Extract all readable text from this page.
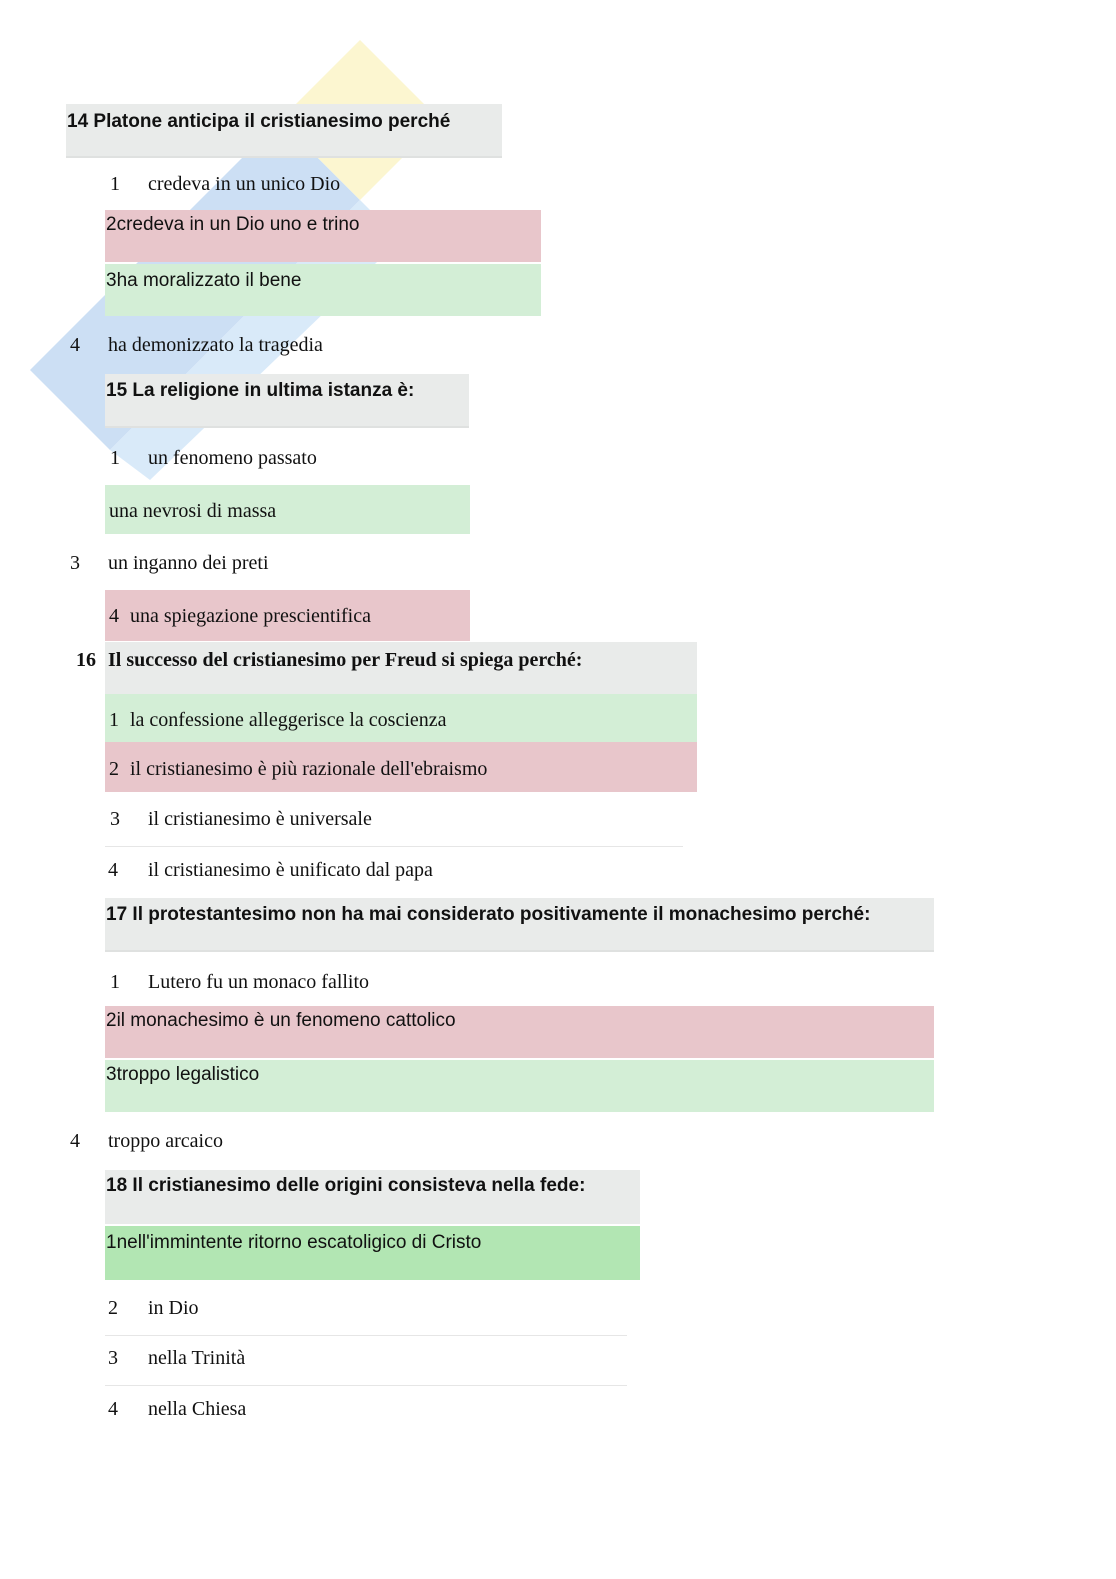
14 Platone anticipa il cristianesimo perché
1 credeva in un unico Dio
2credeva in un Dio uno e trino
3ha moralizzato il bene
4 ha demonizzato la tragedia
15 La religione in ultima istanza è:
1 un fenomeno passato
una nevrosi di massa
3 un inganno dei preti
4 una spiegazione prescientifica
16 Il successo del cristianesimo per Freud si spiega perché:
1 la confessione alleggerisce la coscienza
2 il cristianesimo è più razionale dell'ebraismo
3 il cristianesimo è universale
4 il cristianesimo è unificato dal papa
17 Il protestantesimo non ha mai considerato positivamente il monachesimo perché:
1 Lutero fu un monaco fallito
2il monachesimo è un fenomeno cattolico
3troppo legalistico
4 troppo arcaico
18 Il cristianesimo delle origini consisteva nella fede:
1nell'immintente ritorno escatoligico di Cristo
2 in Dio
3 nella Trinità
4 nella Chiesa
